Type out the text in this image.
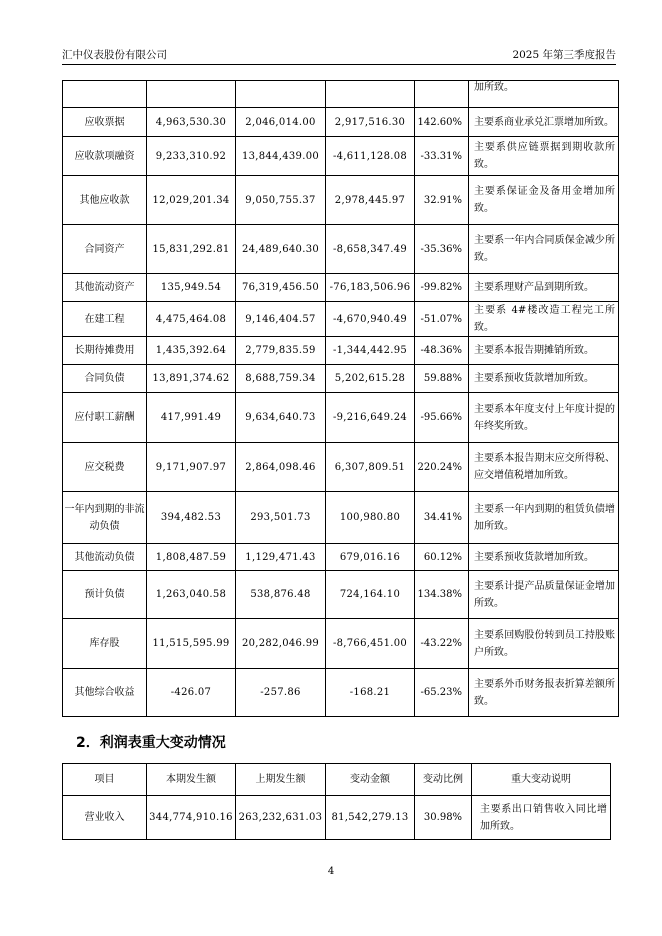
汇中仪表股份有限公司	2025 年第三季度报告
					加所致。
应收票据	4,963,530.30	2,046,014.00	2,917,516.30	142.60%	主要系商业承兑汇票增加所致。
应收款项融资	9,233,310.92	13,844,439.00	-4,611,128.08	-33.31%	主要系供应链票据到期收款所致。
其他应收款	12,029,201.34	9,050,755.37	2,978,445.97	32.91%	主要系保证金及备用金增加所致。
合同资产	15,831,292.81	24,489,640.30	-8,658,347.49	-35.36%	主要系一年内合同质保金减少所致。
其他流动资产	135,949.54	76,319,456.50	-76,183,506.96	-99.82%	主要系理财产品到期所致。
在建工程	4,475,464.08	9,146,404.57	-4,670,940.49	-51.07%	主要系 4#楼改造工程完工所致。
长期待摊费用	1,435,392.64	2,779,835.59	-1,344,442.95	-48.36%	主要系本报告期摊销所致。
合同负债	13,891,374.62	8,688,759.34	5,202,615.28	59.88%	主要系预收货款增加所致。
应付职工薪酬	417,991.49	9,634,640.73	-9,216,649.24	-95.66%	主要系本年度支付上年度计提的年终奖所致。
应交税费	9,171,907.97	2,864,098.46	6,307,809.51	220.24%	主要系本报告期末应交所得税、应交增值税增加所致。
一年内到期的非流动负债	394,482.53	293,501.73	100,980.80	34.41%	主要系一年内到期的租赁负债增加所致。
其他流动负债	1,808,487.59	1,129,471.43	679,016.16	60.12%	主要系预收货款增加所致。
预计负债	1,263,040.58	538,876.48	724,164.10	134.38%	主要系计提产品质量保证金增加所致。
库存股	11,515,595.99	20,282,046.99	-8,766,451.00	-43.22%	主要系回购股份转到员工持股账户所致。
其他综合收益	-426.07	-257.86	-168.21	-65.23%	主要系外币财务报表折算差额所致。
2．利润表重大变动情况
项目	本期发生额	上期发生额	变动金额	变动比例	重大变动说明
营业收入	344,774,910.16	263,232,631.03	81,542,279.13	30.98%	主要系出口销售收入同比增加所致。
4
